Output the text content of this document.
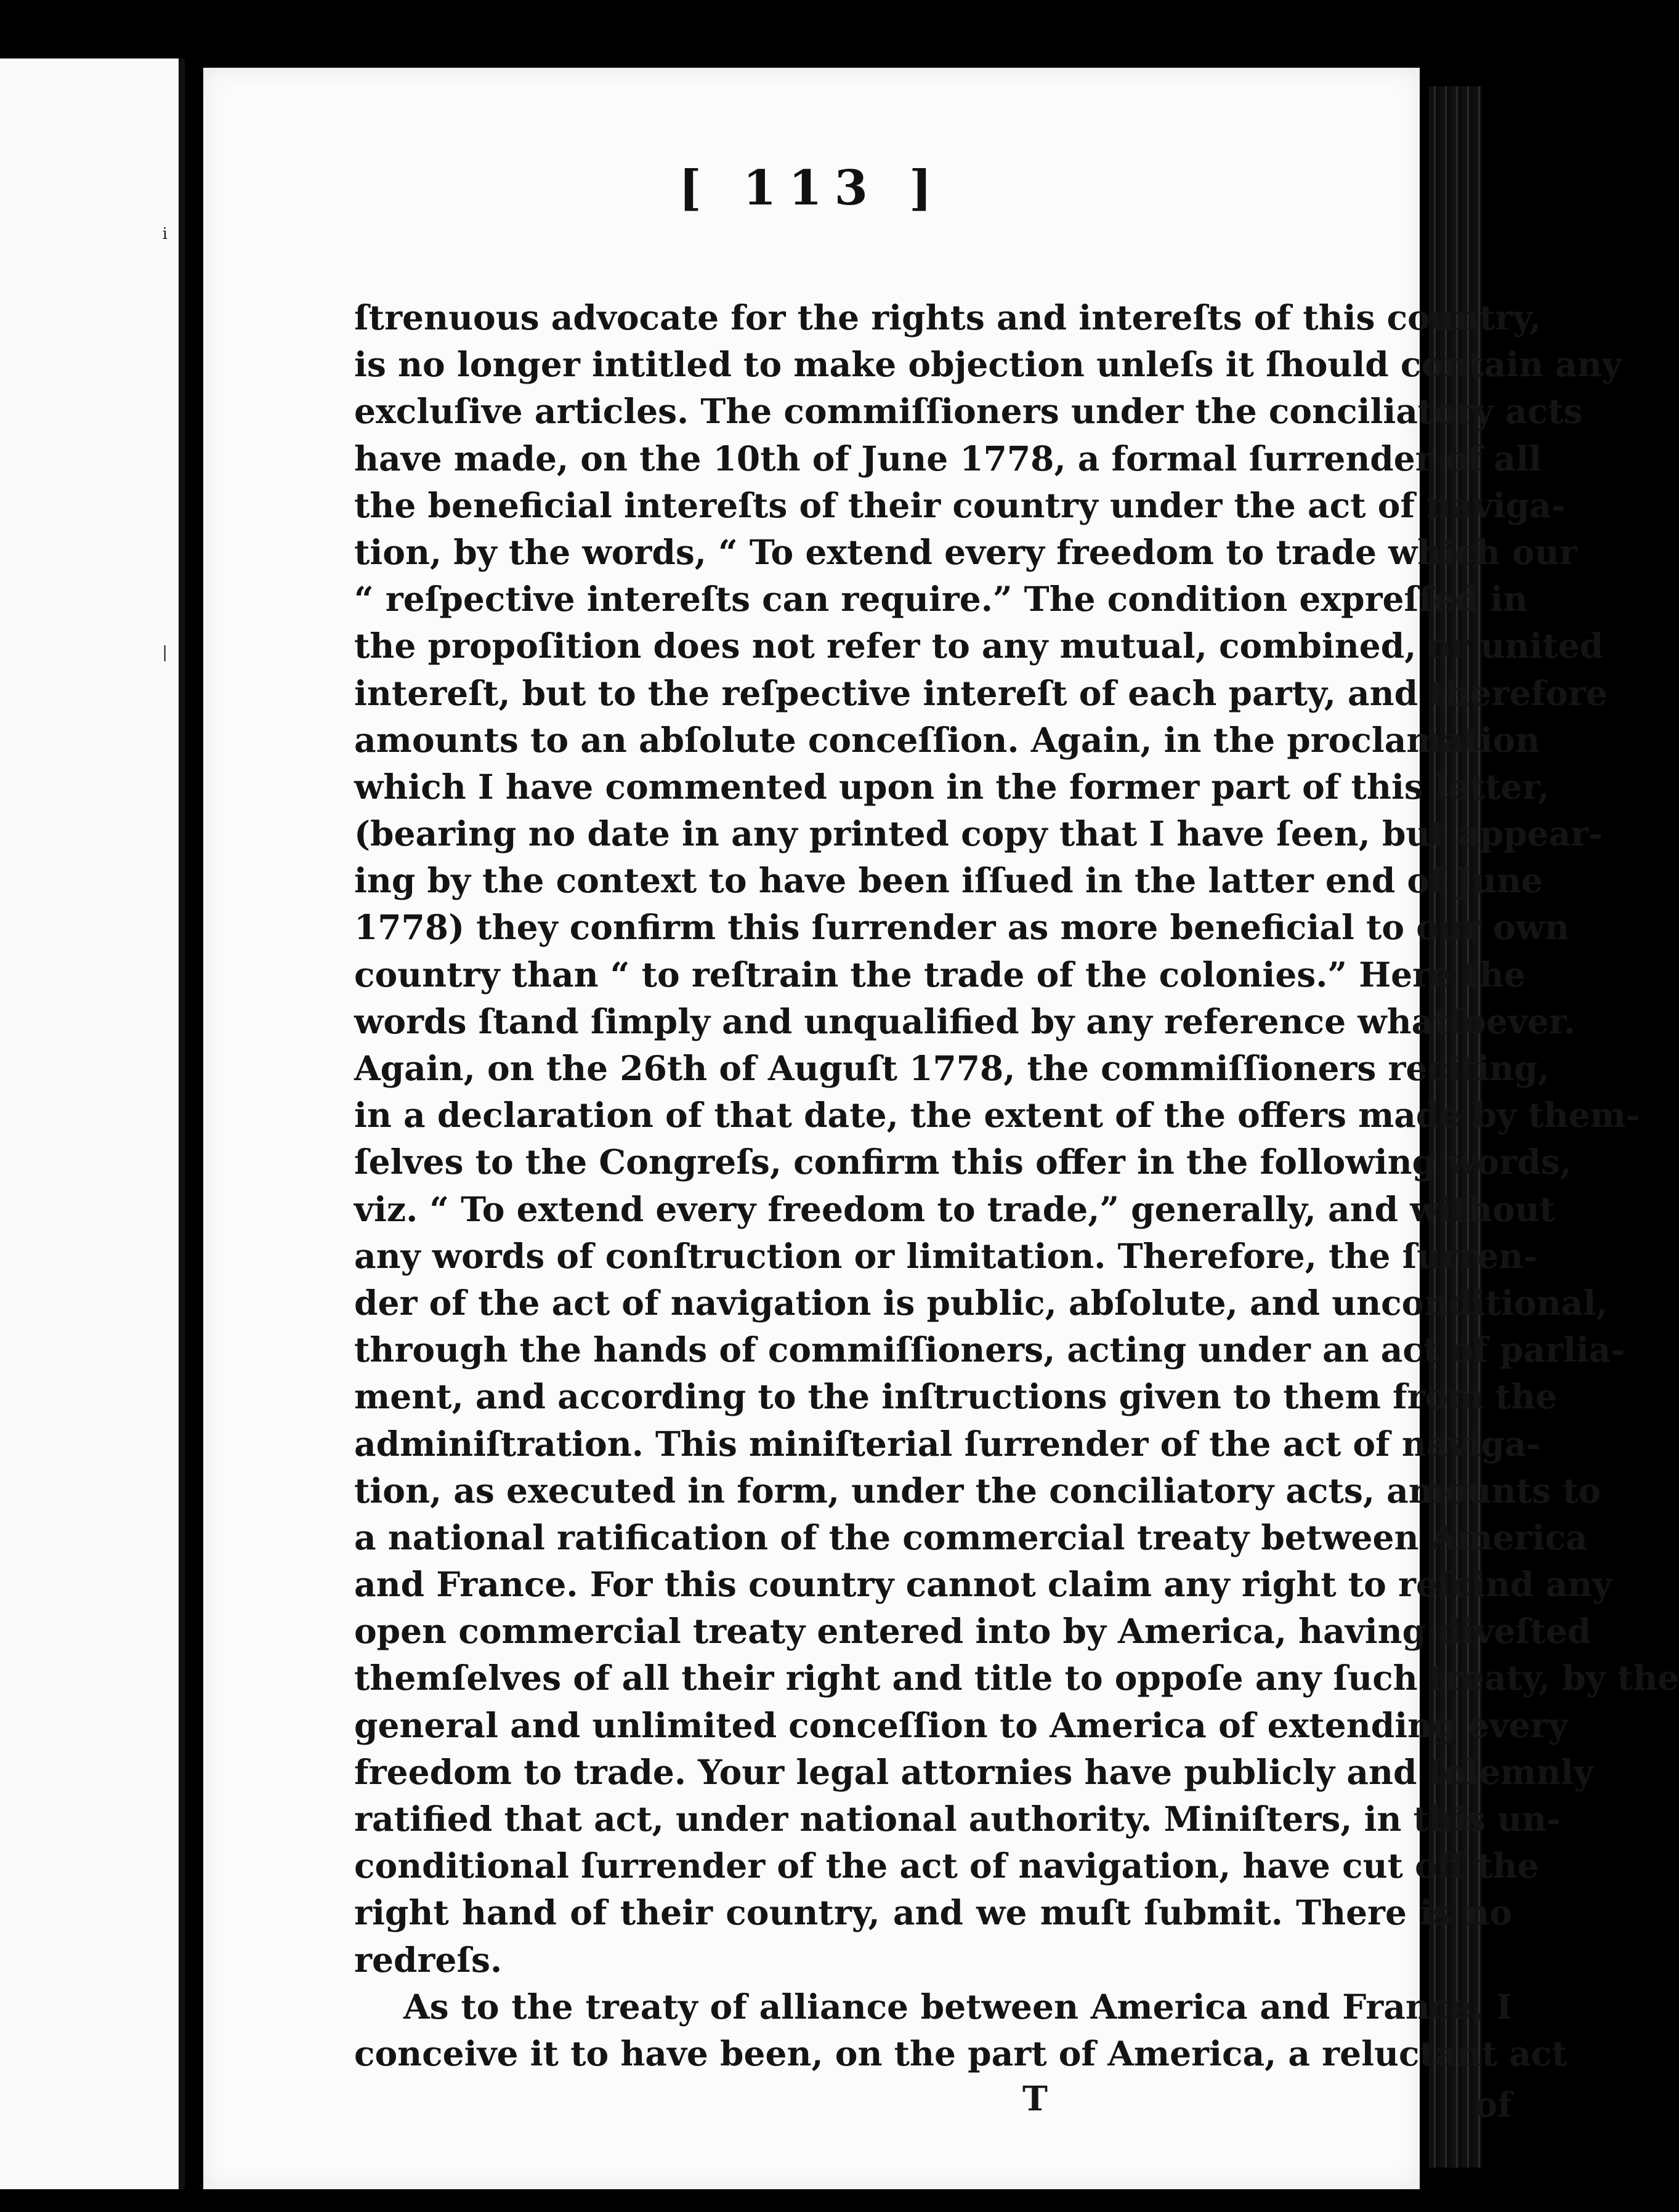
i
|
[ 113 ]
ſtrenuous advocate for the rights and intereſts of this country,
is no longer intitled to make objection unleſs it ſhould contain any
excluſive articles. The commiſſioners under the conciliatory acts
have made, on the 10th of June 1778, a formal ſurrender of all
the beneficial intereſts of their country under the act of naviga-
tion, by the words, “ To extend every freedom to trade which our
“ reſpective intereſts can require.” The condition expreſſed in
the propoſition does not refer to any mutual, combined, or united
intereſt, but to the reſpective intereſt of each party, and therefore
amounts to an abſolute conceſſion. Again, in the proclamation
which I have commented upon in the former part of this letter,
(bearing no date in any printed copy that I have ſeen, but appear-
ing by the context to have been iſſued in the latter end of June
1778) they confirm this ſurrender as more beneficial to our own
country than “ to reſtrain the trade of the colonies.” Here the
words ſtand ſimply and unqualified by any reference whatſoever.
Again, on the 26th of Auguſt 1778, the commiſſioners reciting,
in a declaration of that date, the extent of the offers made by them-
ſelves to the Congreſs, confirm this offer in the following words,
viz. “ To extend every freedom to trade,” generally, and without
any words of conſtruction or limitation. Therefore, the ſurren-
der of the act of navigation is public, abſolute, and unconditional,
through the hands of commiſſioners, acting under an act of parlia-
ment, and according to the inſtructions given to them from the
adminiſtration. This miniſterial ſurrender of the act of naviga-
tion, as executed in form, under the conciliatory acts, amounts to
a national ratification of the commercial treaty between America
and France. For this country cannot claim any right to reſcind any
open commercial treaty entered into by America, having diveſted
themſelves of all their right and title to oppoſe any ſuch treaty, by the
general and unlimited conceſſion to America of extending every
freedom to trade. Your legal attornies have publicly and ſolemnly
ratified that act, under national authority. Miniſters, in this un-
conditional ſurrender of the act of navigation, have cut off the
right hand of their country, and we muſt ſubmit. There is no
redreſs.
As to the treaty of alliance between America and France, I
conceive it to have been, on the part of America, a reluctant act
T	of
